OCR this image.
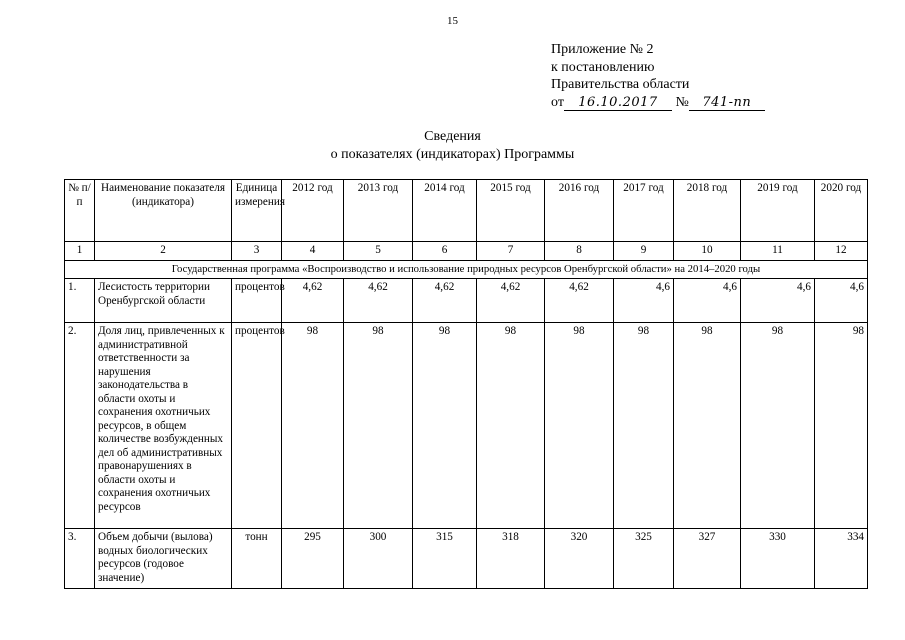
15
Приложение № 2
к постановлению
Правительства области
от 16.10.2017 № 741-пп
Сведения
о показателях (индикаторах) Программы
№ п/п	Наименование показателя (индикатора)	Единица измерения	2012 год	2013 год	2014 год	2015 год	2016 год	2017 год	2018 год	2019 год	2020 год
1	2	3	4	5	6	7	8	9	10	11	12
Государственная программа «Воспроизводство и использование природных ресурсов Оренбургской области» на 2014–2020 годы											
1.	Лесистость территории Оренбургской области	процентов	4,62	4,62	4,62	4,62	4,62	4,6	4,6	4,6	4,6
2.	Доля лиц, привлеченных к административной ответственности за нарушения законодательства в области охоты и сохранения охотничьих ресурсов, в общем количестве возбужденных дел об административных правонарушениях в области охоты и сохранения охотничьих ресурсов	процентов	98	98	98	98	98	98	98	98	98
3.	Объем добычи (вылова) водных биологических ресурсов (годовое значение)	тонн	295	300	315	318	320	325	327	330	334
